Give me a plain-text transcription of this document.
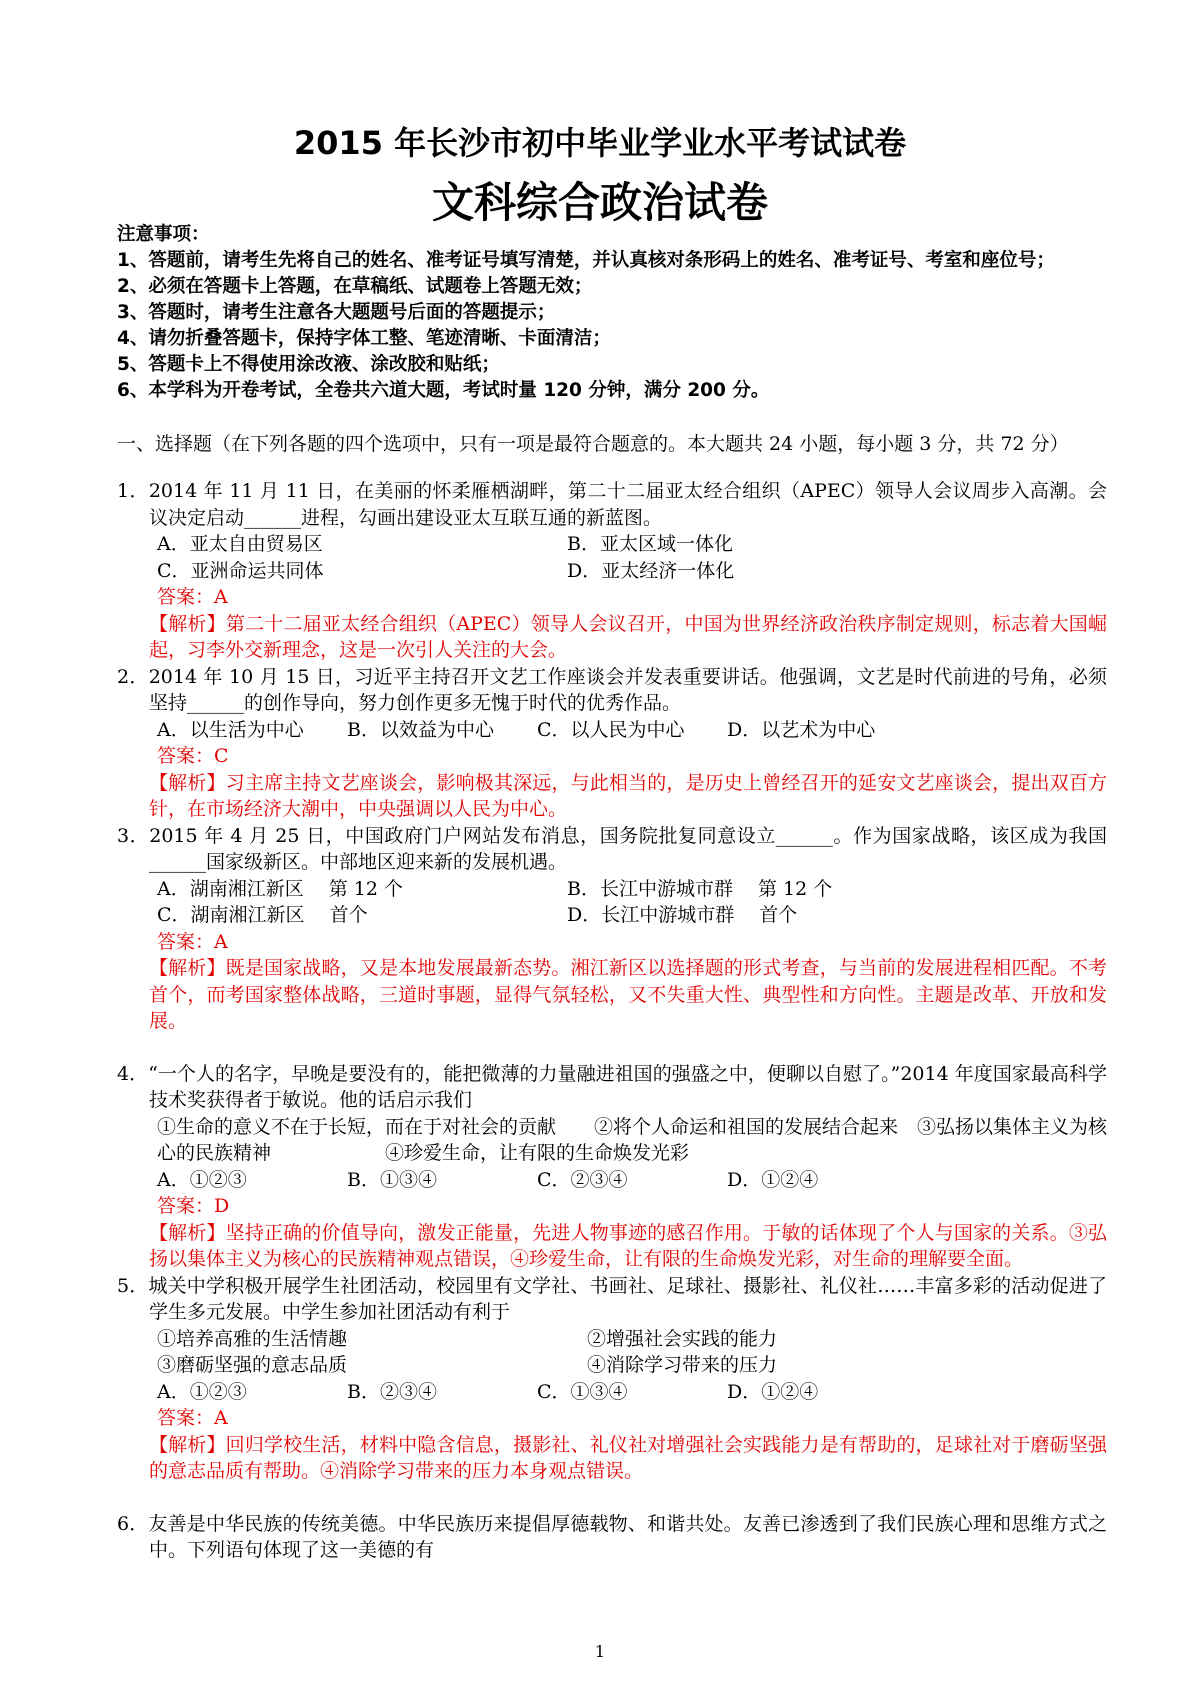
2015 年长沙市初中毕业学业水平考试试卷
文科综合政治试卷
注意事项：
1、答题前，请考生先将自己的姓名、准考证号填写清楚，并认真核对条形码上的姓名、准考证号、考室和座位号；
2、必须在答题卡上答题，在草稿纸、试题卷上答题无效；
3、答题时，请考生注意各大题题号后面的答题提示；
4、请勿折叠答题卡，保持字体工整、笔迹清晰、卡面清洁；
5、答题卡上不得使用涂改液、涂改胶和贴纸；
6、本学科为开卷考试，全卷共六道大题，考试时量 120 分钟，满分 200 分。
一、选择题（在下列各题的四个选项中，只有一项是最符合题意的。本大题共 24 小题，每小题 3 分，共 72 分）
1．2014 年 11 月 11 日，在美丽的怀柔雁栖湖畔，第二十二届亚太经合组织（APEC）领导人会议周步入高潮。会议决定启动______进程，勾画出建设亚太互联互通的新蓝图。
A．亚太自由贸易区	B．亚太区域一体化
C．亚洲命运共同体	D．亚太经济一体化
答案：A
【解析】第二十二届亚太经合组织（APEC）领导人会议召开，中国为世界经济政治秩序制定规则，标志着大国崛起，习李外交新理念，这是一次引人关注的大会。
2．2014 年 10 月 15 日，习近平主持召开文艺工作座谈会并发表重要讲话。他强调，文艺是时代前进的号角，必须坚持______的创作导向，努力创作更多无愧于时代的优秀作品。
A．以生活为中心	B．以效益为中心	C．以人民为中心	D．以艺术为中心
答案：C
【解析】习主席主持文艺座谈会，影响极其深远，与此相当的，是历史上曾经召开的延安文艺座谈会，提出双百方针，在市场经济大潮中，中央强调以人民为中心。
3．2015 年 4 月 25 日，中国政府门户网站发布消息，国务院批复同意设立______。作为国家战略，该区成为我国______国家级新区。中部地区迎来新的发展机遇。
A．湖南湘江新区　 第 12 个	B．长江中游城市群　 第 12 个
C．湖南湘江新区　 首个	D．长江中游城市群　 首个
答案：A
【解析】既是国家战略，又是本地发展最新态势。湘江新区以选择题的形式考查，与当前的发展进程相匹配。不考首个，而考国家整体战略，三道时事题，显得气氛轻松，又不失重大性、典型性和方向性。主题是改革、开放和发展。
4．“一个人的名字，早晚是要没有的，能把微薄的力量融进祖国的强盛之中，便聊以自慰了。”2014 年度国家最高科学技术奖获得者于敏说。他的话启示我们
①生命的意义不在于长短，而在于对社会的贡献　　②将个人命运和祖国的发展结合起来　③弘扬以集体主义为核心的民族精神　　　　　　④珍爱生命，让有限的生命焕发光彩
A．①②③	B．①③④	C．②③④	D．①②④
答案：D
【解析】坚持正确的价值导向，激发正能量，先进人物事迹的感召作用。于敏的话体现了个人与国家的关系。③弘扬以集体主义为核心的民族精神观点错误，④珍爱生命，让有限的生命焕发光彩，对生命的理解要全面。
5．城关中学积极开展学生社团活动，校园里有文学社、书画社、足球社、摄影社、礼仪社……丰富多彩的活动促进了学生多元发展。中学生参加社团活动有利于
①培养高雅的生活情趣	②增强社会实践的能力
③磨砺坚强的意志品质	④消除学习带来的压力
A．①②③	B．②③④	C．①③④	D．①②④
答案：A
【解析】回归学校生活，材料中隐含信息，摄影社、礼仪社对增强社会实践能力是有帮助的，足球社对于磨砺坚强的意志品质有帮助。④消除学习带来的压力本身观点错误。
6．友善是中华民族的传统美德。中华民族历来提倡厚德载物、和谐共处。友善已渗透到了我们民族心理和思维方式之中。下列语句体现了这一美德的有
1
